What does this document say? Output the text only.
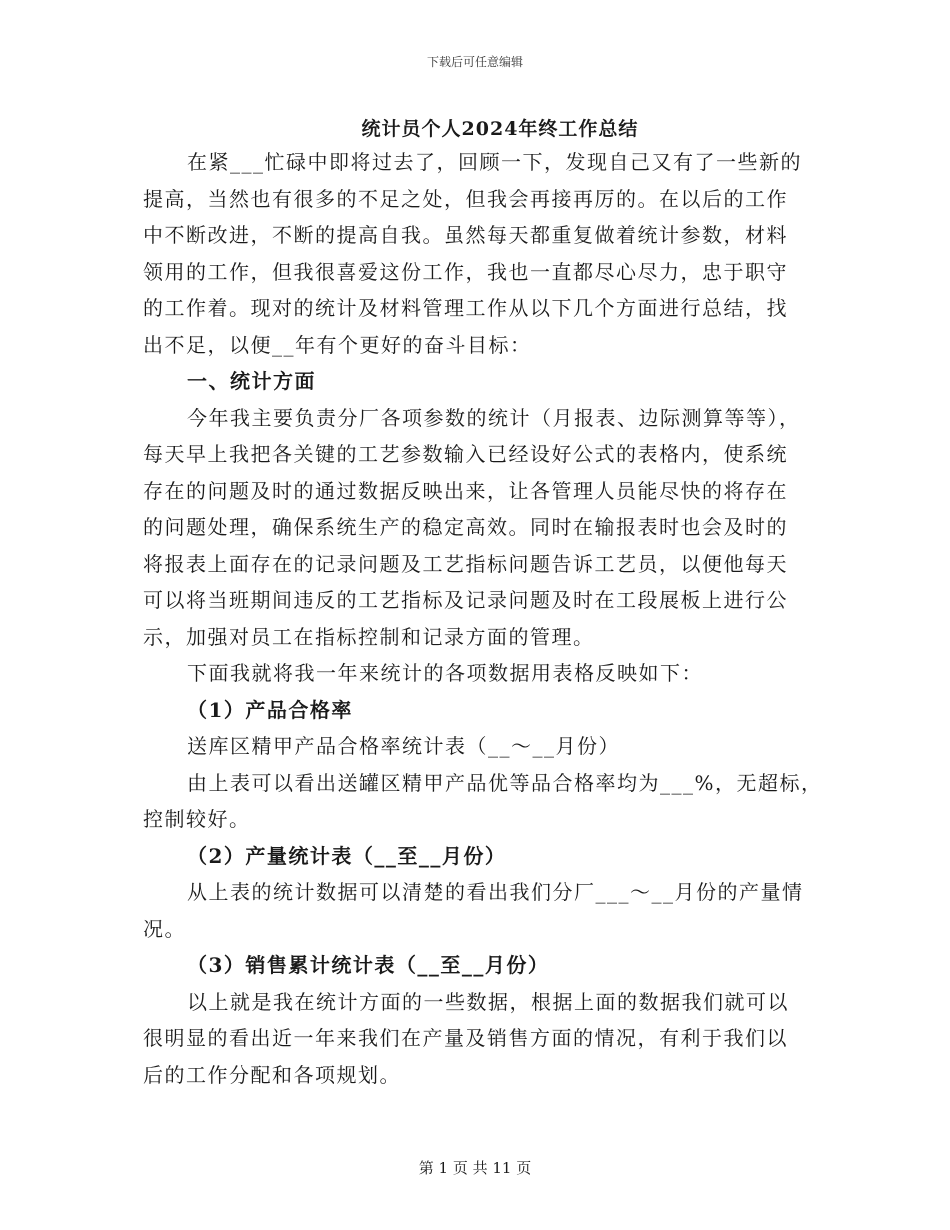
下载后可任意编辑
统计员个人2024年终工作总结
在紧___忙碌中即将过去了，回顾一下，发现自己又有了一些新的
提高，当然也有很多的不足之处，但我会再接再厉的。在以后的工作
中不断改进，不断的提高自我。虽然每天都重复做着统计参数，材料
领用的工作，但我很喜爱这份工作，我也一直都尽心尽力，忠于职守
的工作着。现对的统计及材料管理工作从以下几个方面进行总结，找
出不足，以便__年有个更好的奋斗目标：
一、统计方面
今年我主要负责分厂各项参数的统计（月报表、边际测算等等），
每天早上我把各关键的工艺参数输入已经设好公式的表格内，使系统
存在的问题及时的通过数据反映出来，让各管理人员能尽快的将存在
的问题处理，确保系统生产的稳定高效。同时在输报表时也会及时的
将报表上面存在的记录问题及工艺指标问题告诉工艺员，以便他每天
可以将当班期间违反的工艺指标及记录问题及时在工段展板上进行公
示，加强对员工在指标控制和记录方面的管理。
下面我就将我一年来统计的各项数据用表格反映如下：
（1）产品合格率
送库区精甲产品合格率统计表（__～__月份）
由上表可以看出送罐区精甲产品优等品合格率均为___%，无超标，
控制较好。
（2）产量统计表（__至__月份）
从上表的统计数据可以清楚的看出我们分厂___～__月份的产量情
况。
（3）销售累计统计表（__至__月份）
以上就是我在统计方面的一些数据，根据上面的数据我们就可以
很明显的看出近一年来我们在产量及销售方面的情况，有利于我们以
后的工作分配和各项规划。
第 1 页 共 11 页
